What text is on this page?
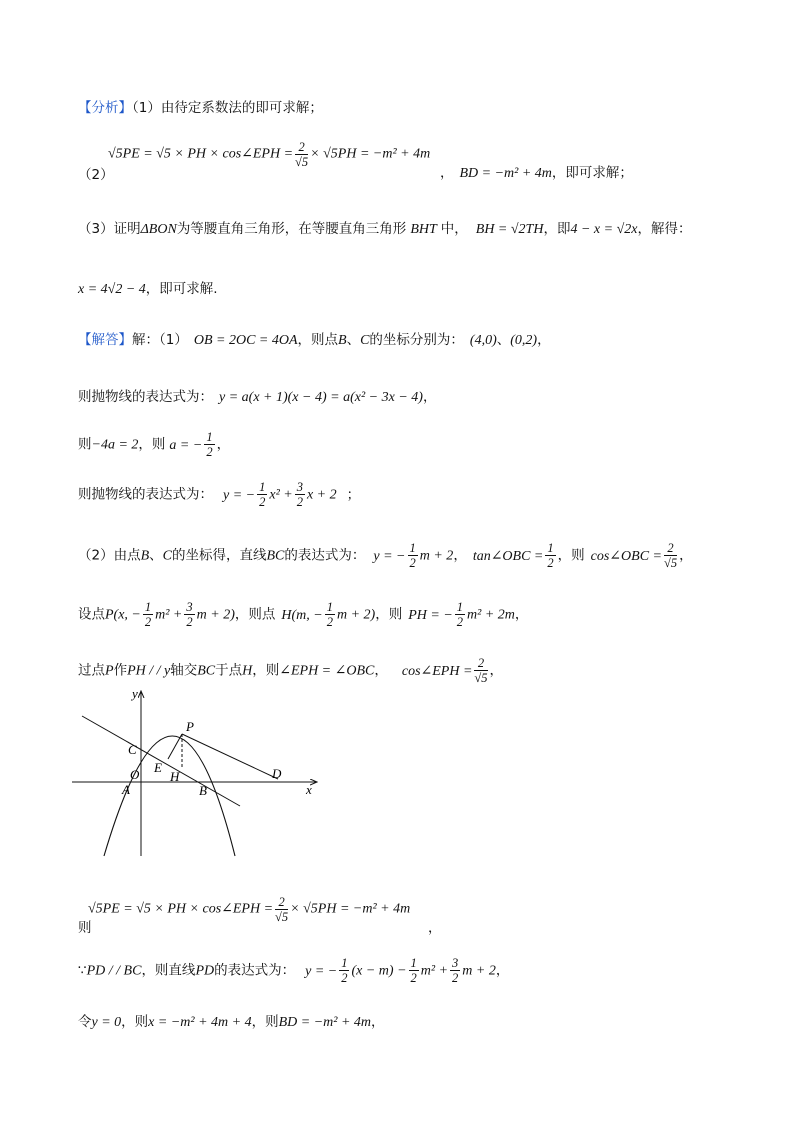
【分析】（1）由待定系数法的即可求解；
（2）
√5PE = √5 × PH × cos∠EPH = $\frac{2}{√5} \times √5PH = -m^2 + 4m$
， BD = −m² + 4m，即可求解；
（3）证明ΔBON为等腰直角三角形，在等腰直角三角形 BHT 中， BH = √2TH，即4 − x = √2x，解得：
x = 4√2 − 4，即可求解.
【解答】解：（1） OB = 2OC = 4OA，则点B、C的坐标分别为： (4,0)、(0,2)，
则抛物线的表达式为： y = a(x + 1)(x − 4) = a(x² − 3x − 4)，
则−4a = 2，则 a = − $\frac{1}{2}$ ，
则抛物线的表达式为： y = − $\frac{1}{2} x^2 + \frac{3}{2}$ x + 2 ；
（2）由点B、C的坐标得，直线BC的表达式为： y = − $\frac{1}{2}$ m + 2， tan∠OBC = $\frac{1}{2}$ ，则 cos∠OBC = $\frac{2}{√5}$ ，
设点P(x, − $\frac{1}{2} m^2 + \frac{3}{2}$ m + 2)，则点 H(m, − $\frac{1}{2}$ m + 2)，则 PH = − $\frac{1}{2} m^2 + 2m$，
过点P作PH / / y轴交BC于点H，则∠EPH = ∠OBC， cos∠EPH = $\frac{2}{√5}$ ，
y
x
P
C
E
O H
A	B
D
√5PE = √5 × PH × cos∠EPH = $\frac{2}{√5} \times √5PH = -m^2 + 4m$
则	，
∵PD / / BC，则直线PD的表达式为： y = − $\frac{1}{2} (x - m) - \frac{1}{2} m^2 + \frac{3}{2}$ m + 2，
令y = 0，则x = −m² + 4m + 4，则BD = −m² + 4m，
